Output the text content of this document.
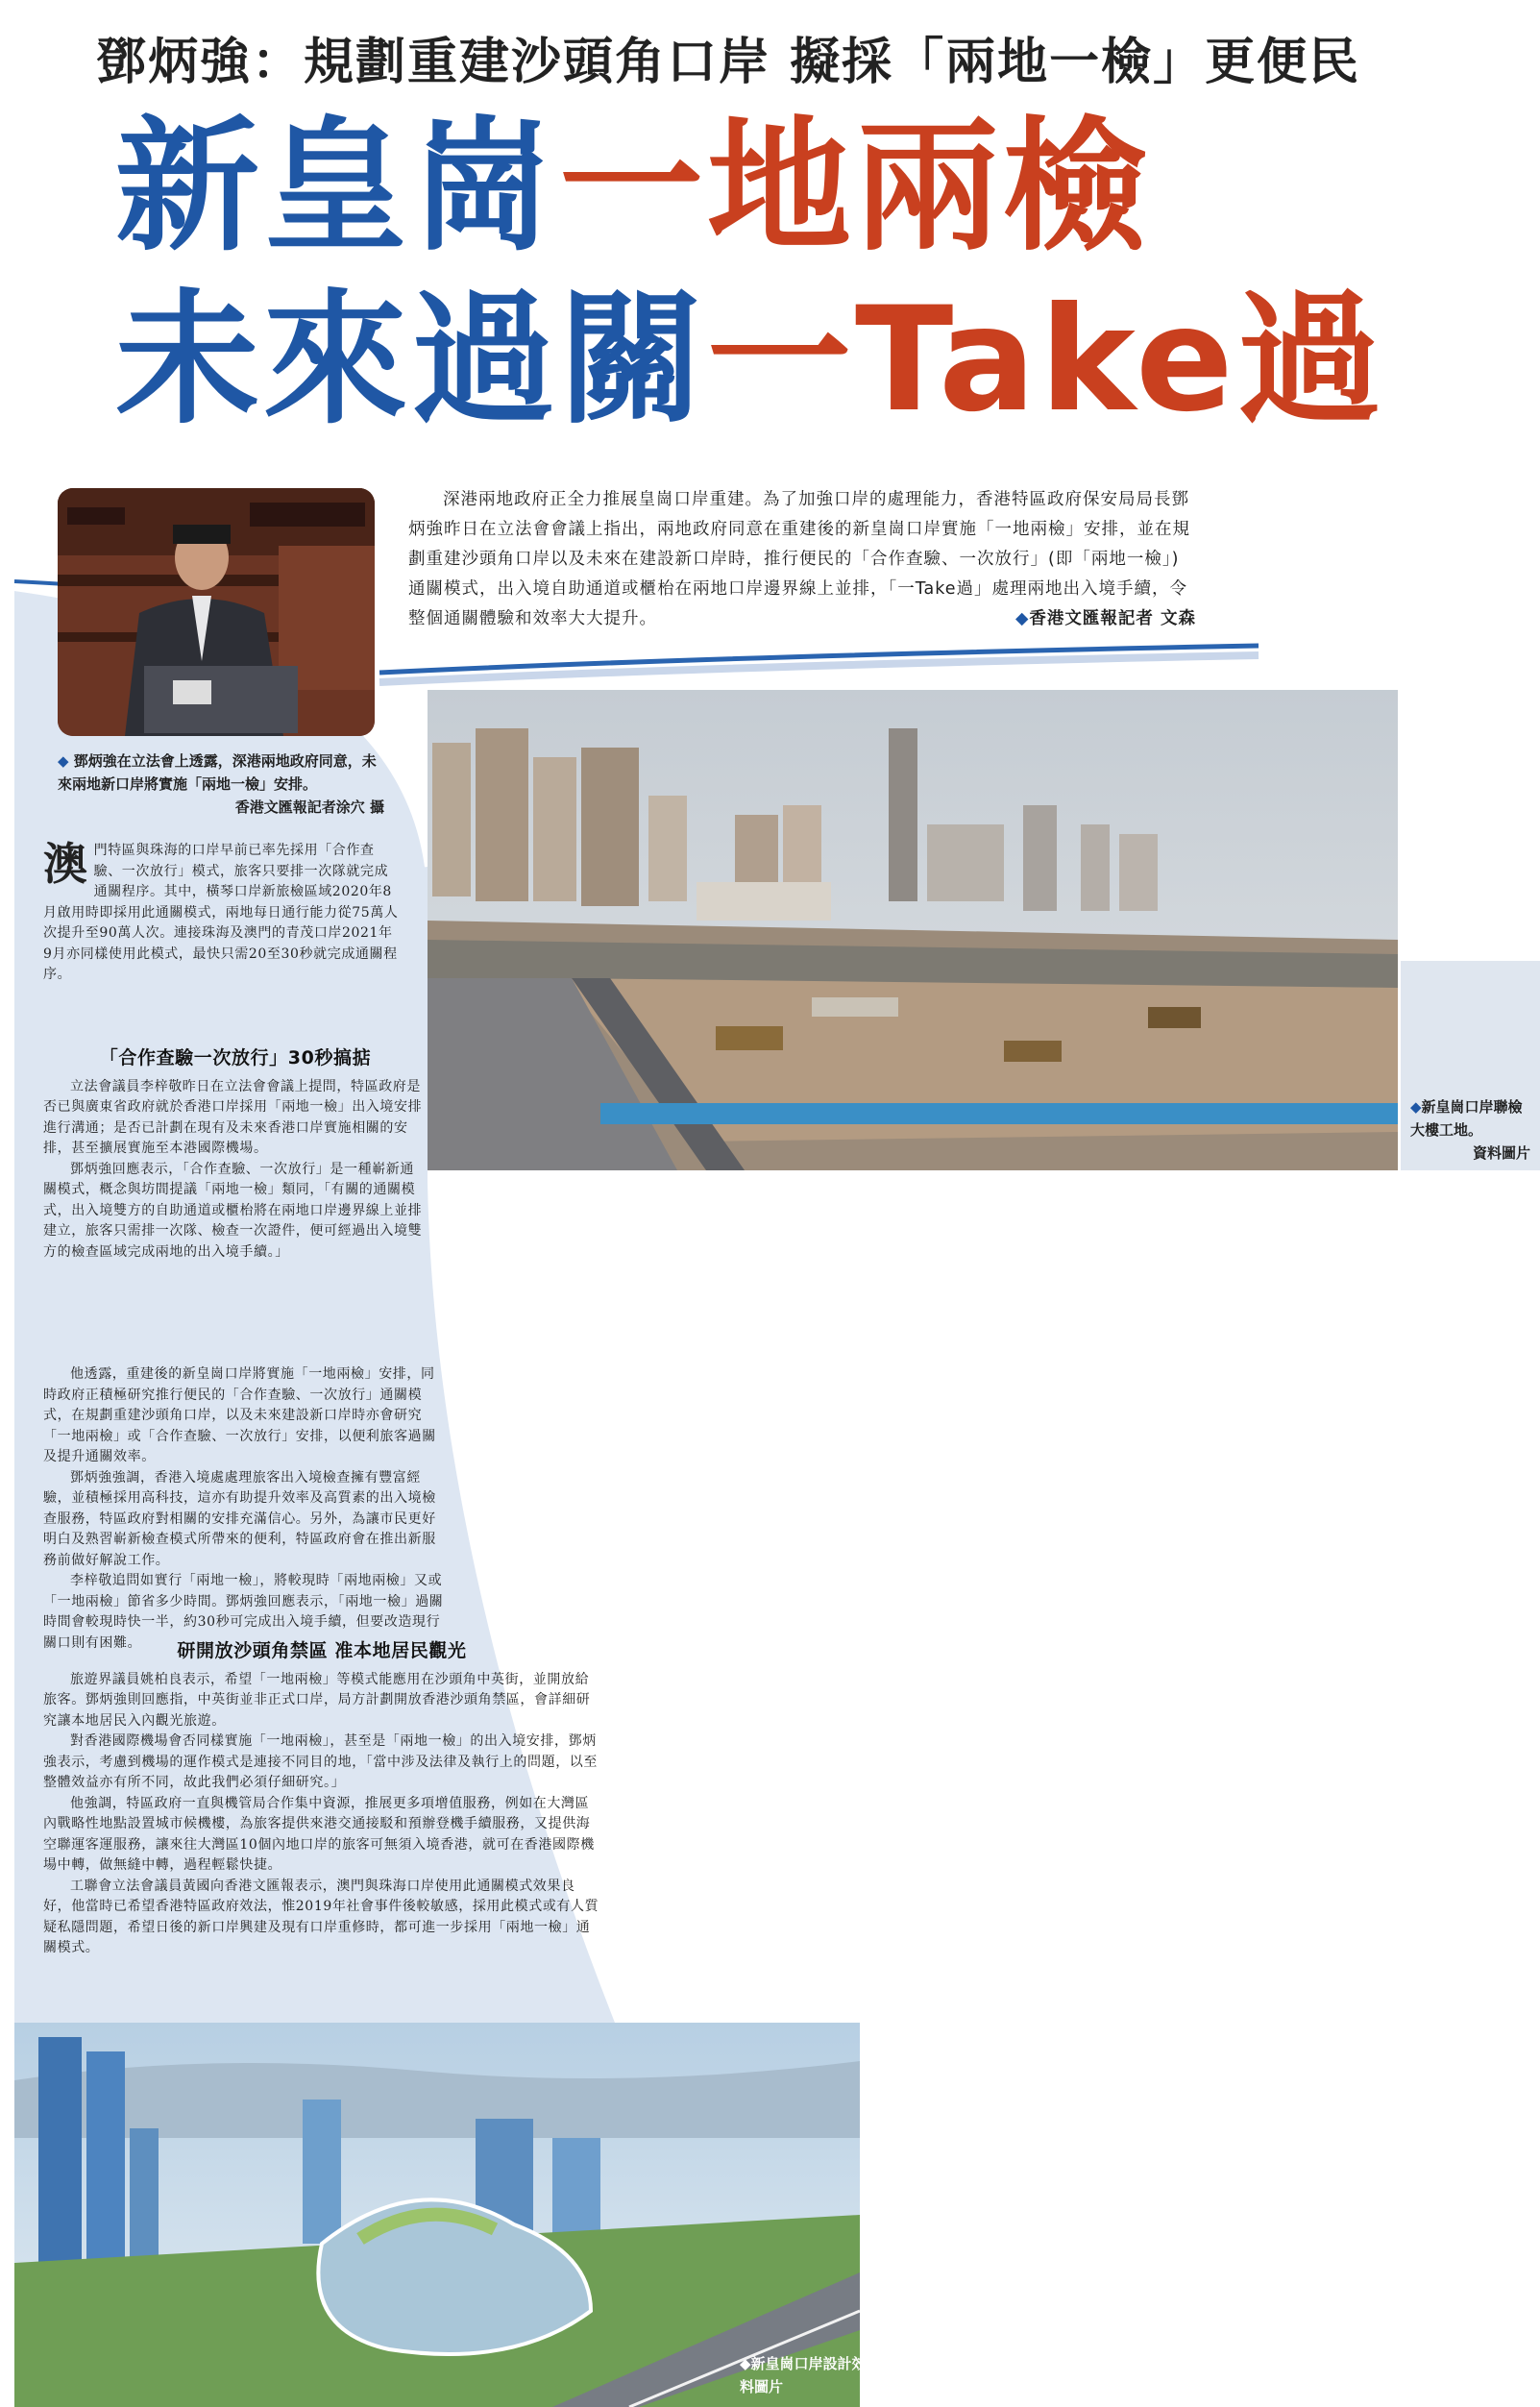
鄧炳強：規劃重建沙頭角口岸 擬採「兩地一檢」更便民
新皇崗一地兩檢
未來過關一Take過
◆ 鄧炳強在立法會上透露，深港兩地政府同意，未來兩地新口岸將實施「兩地一檢」安排。
香港文匯報記者涂穴 攝
深港兩地政府正全力推展皇崗口岸重建。為了加強口岸的處理能力，香港特區政府保安局局長鄧炳強昨日在立法會會議上指出，兩地政府同意在重建後的新皇崗口岸實施「一地兩檢」安排，並在規劃重建沙頭角口岸以及未來在建設新口岸時，推行便民的「合作查驗、一次放行」(即「兩地一檢」)通關模式，出入境自助通道或櫃枱在兩地口岸邊界線上並排，「一Take過」處理兩地出入境手續，令整個通關體驗和效率大大提升。	◆香港文匯報記者 文森
◆新皇崗口岸聯檢大樓工地。
資料圖片

澳門特區與珠海的口岸早前已率先採用「合作查驗、一次放行」模式，旅客只要排一次隊就完成通關程序。其中，橫琴口岸新旅檢區域2020年8月啟用時即採用此通關模式，兩地每日通行能力從75萬人次提升至90萬人次。連接珠海及澳門的青茂口岸2021年9月亦同樣使用此模式，最快只需20至30秒就完成通關程序。

「合作查驗一次放行」30秒搞掂

立法會議員李梓敬昨日在立法會會議上提問，特區政府是否已與廣東省政府就於香港口岸採用「兩地一檢」出入境安排進行溝通；是否已計劃在現有及未來香港口岸實施相關的安排，甚至擴展實施至本港國際機場。

鄧炳強回應表示，「合作查驗、一次放行」是一種嶄新通關模式，概念與坊間提議「兩地一檢」類同，「有關的通關模式，出入境雙方的自助通道或櫃枱將在兩地口岸邊界線上並排建立，旅客只需排一次隊、檢查一次證件，便可經過出入境雙方的檢查區域完成兩地的出入境手續。」

他透露，重建後的新皇崗口岸將實施「一地兩檢」安排，同時政府正積極研究推行便民的「合作查驗、一次放行」通關模式，在規劃重建沙頭角口岸，以及未來建設新口岸時亦會研究「一地兩檢」或「合作查驗、一次放行」安排，以便利旅客過關及提升通關效率。

鄧炳強強調，香港入境處處理旅客出入境檢查擁有豐富經驗，並積極採用高科技，這亦有助提升效率及高質素的出入境檢查服務，特區政府對相關的安排充滿信心。另外，為讓市民更好明白及熟習嶄新檢查模式所帶來的便利，特區政府會在推出新服務前做好解說工作。

李梓敬追問如實行「兩地一檢」，將較現時「兩地兩檢」又或「一地兩檢」節省多少時間。鄧炳強回應表示，「兩地一檢」過關時間會較現時快一半，約30秒可完成出入境手續，但要改造現行關口則有困難。	研開放沙頭角禁區 准本地居民觀光

旅遊界議員姚柏良表示，希望「一地兩檢」等模式能應用在沙頭角中英街，並開放給旅客。鄧炳強則回應指，中英街並非正式口岸，局方計劃開放香港沙頭角禁區，會詳細研究讓本地居民入內觀光旅遊。

對香港國際機場會否同樣實施「一地兩檢」，甚至是「兩地一檢」的出入境安排，鄧炳強表示，考慮到機場的運作模式是連接不同目的地，「當中涉及法律及執行上的問題，以至整體效益亦有所不同，故此我們必須仔細研究。」

他強調，特區政府一直與機管局合作集中資源，推展更多項增值服務，例如在大灣區內戰略性地點設置城市候機樓，為旅客提供來港交通接駁和預辦登機手續服務，又提供海空聯運客運服務，讓來往大灣區10個內地口岸的旅客可無須入境香港，就可在香港國際機場中轉，做無縫中轉，過程輕鬆快捷。

工聯會立法會議員黃國向香港文匯報表示，澳門與珠海口岸使用此通關模式效果良好，他當時已希望香港特區政府效法，惟2019年社會事件後較敏感，採用此模式或有人質疑私隱問題，希望日後的新口岸興建及現有口岸重修時，都可進一步採用「兩地一檢」通關模式。

◆新皇崗口岸設計效果圖。 資料圖片
